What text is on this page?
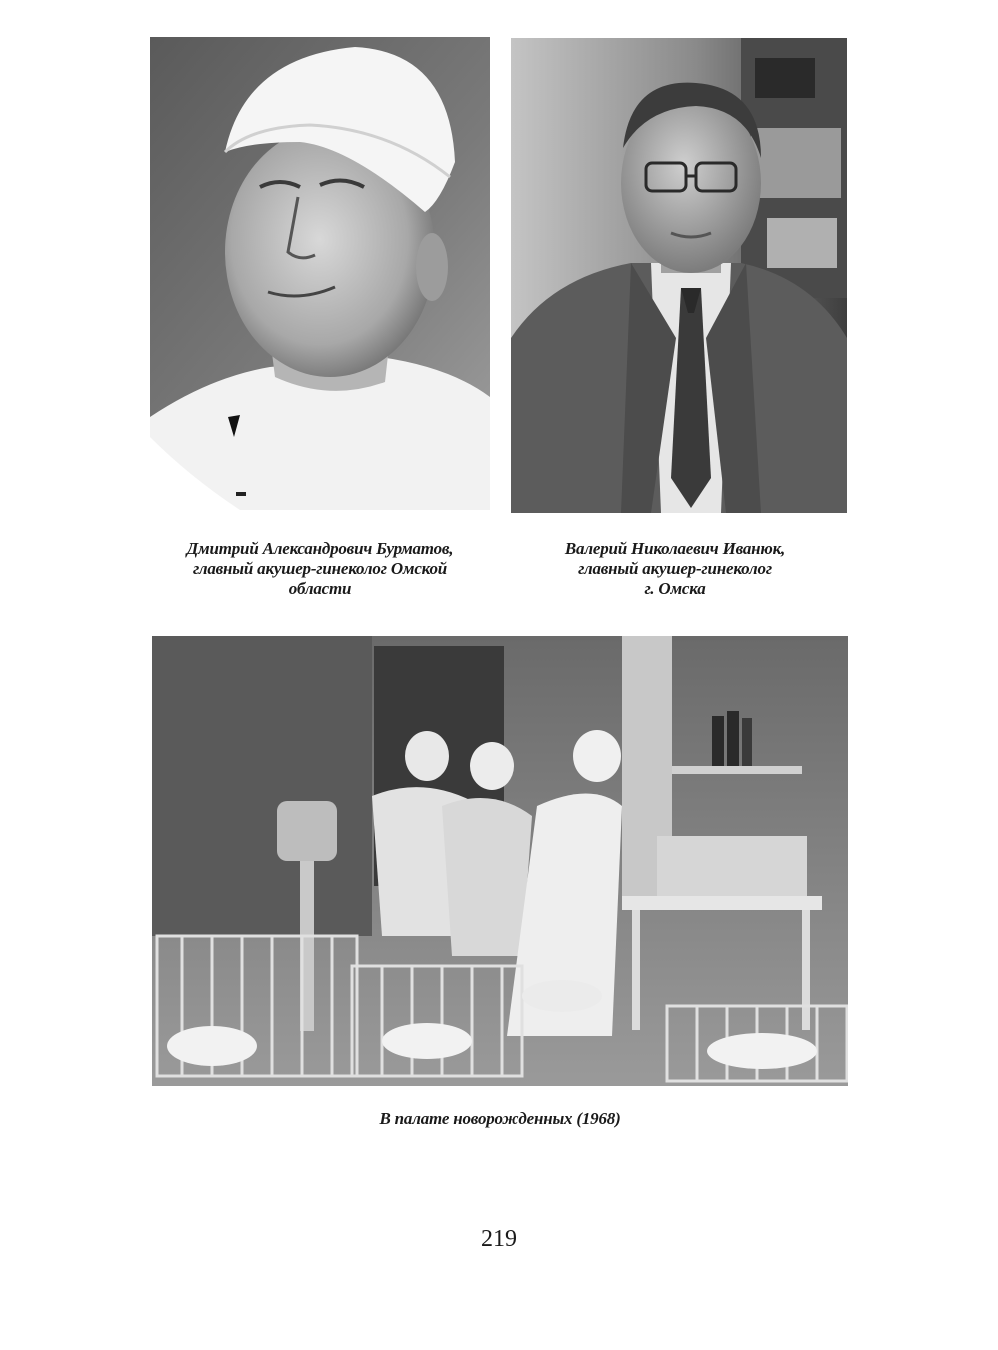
Дмитрий Александрович Бурматов,
главный акушер-гинеколог Омской
области
Валерий Николаевич Иванюк,
главный акушер-гинеколог
г. Омска
В палате новорожденных (1968)
219
